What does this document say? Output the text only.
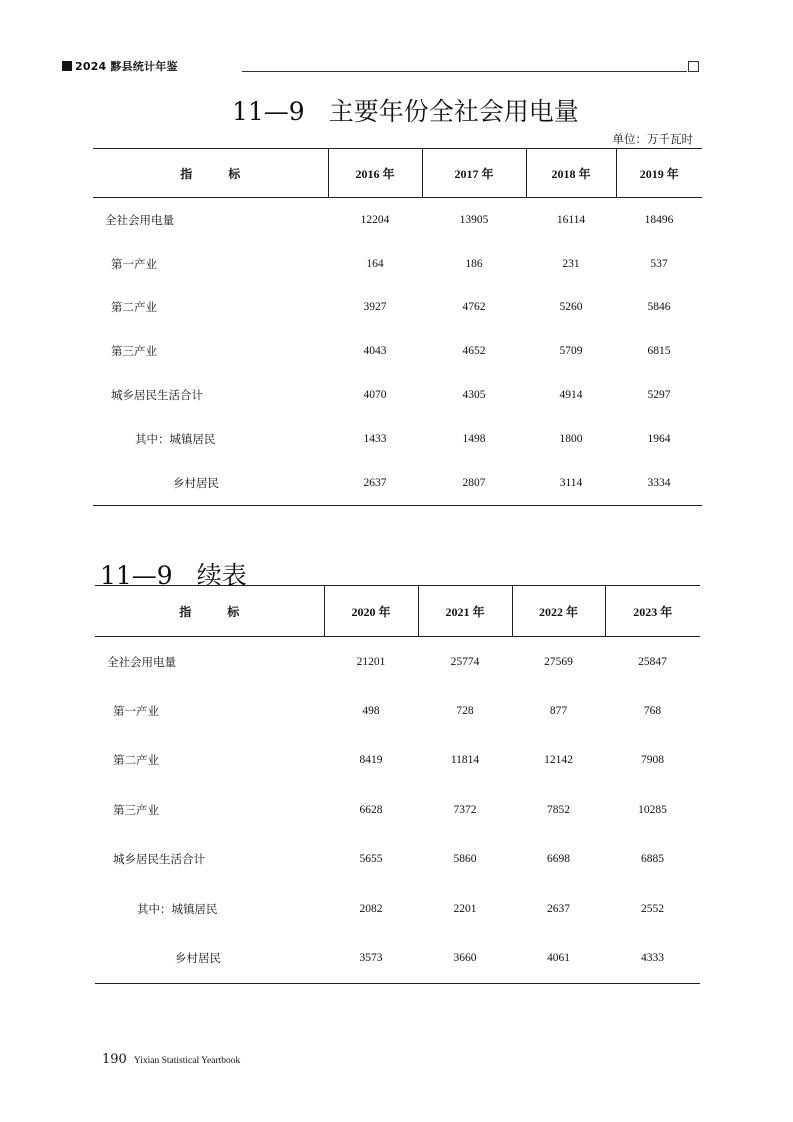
2024 黟县统计年鉴
11—9 主要年份全社会用电量
单位：万千瓦时
指 标	2016 年	2017 年	2018 年	2019 年
全社会用电量	12204	13905	16114	18496
第一产业	164	186	231	537
第二产业	3927	4762	5260	5846
第三产业	4043	4652	5709	6815
城乡居民生活合计	4070	4305	4914	5297
其中：城镇居民	1433	1498	1800	1964
乡村居民	2637	2807	3114	3334
11—9 续表
指 标	2020 年	2021 年	2022 年	2023 年
全社会用电量	21201	25774	27569	25847
第一产业	498	728	877	768
第二产业	8419	11814	12142	7908
第三产业	6628	7372	7852	10285
城乡居民生活合计	5655	5860	6698	6885
其中：城镇居民	2082	2201	2637	2552
乡村居民	3573	3660	4061	4333
190 Yixian Statistical Yeartbook
